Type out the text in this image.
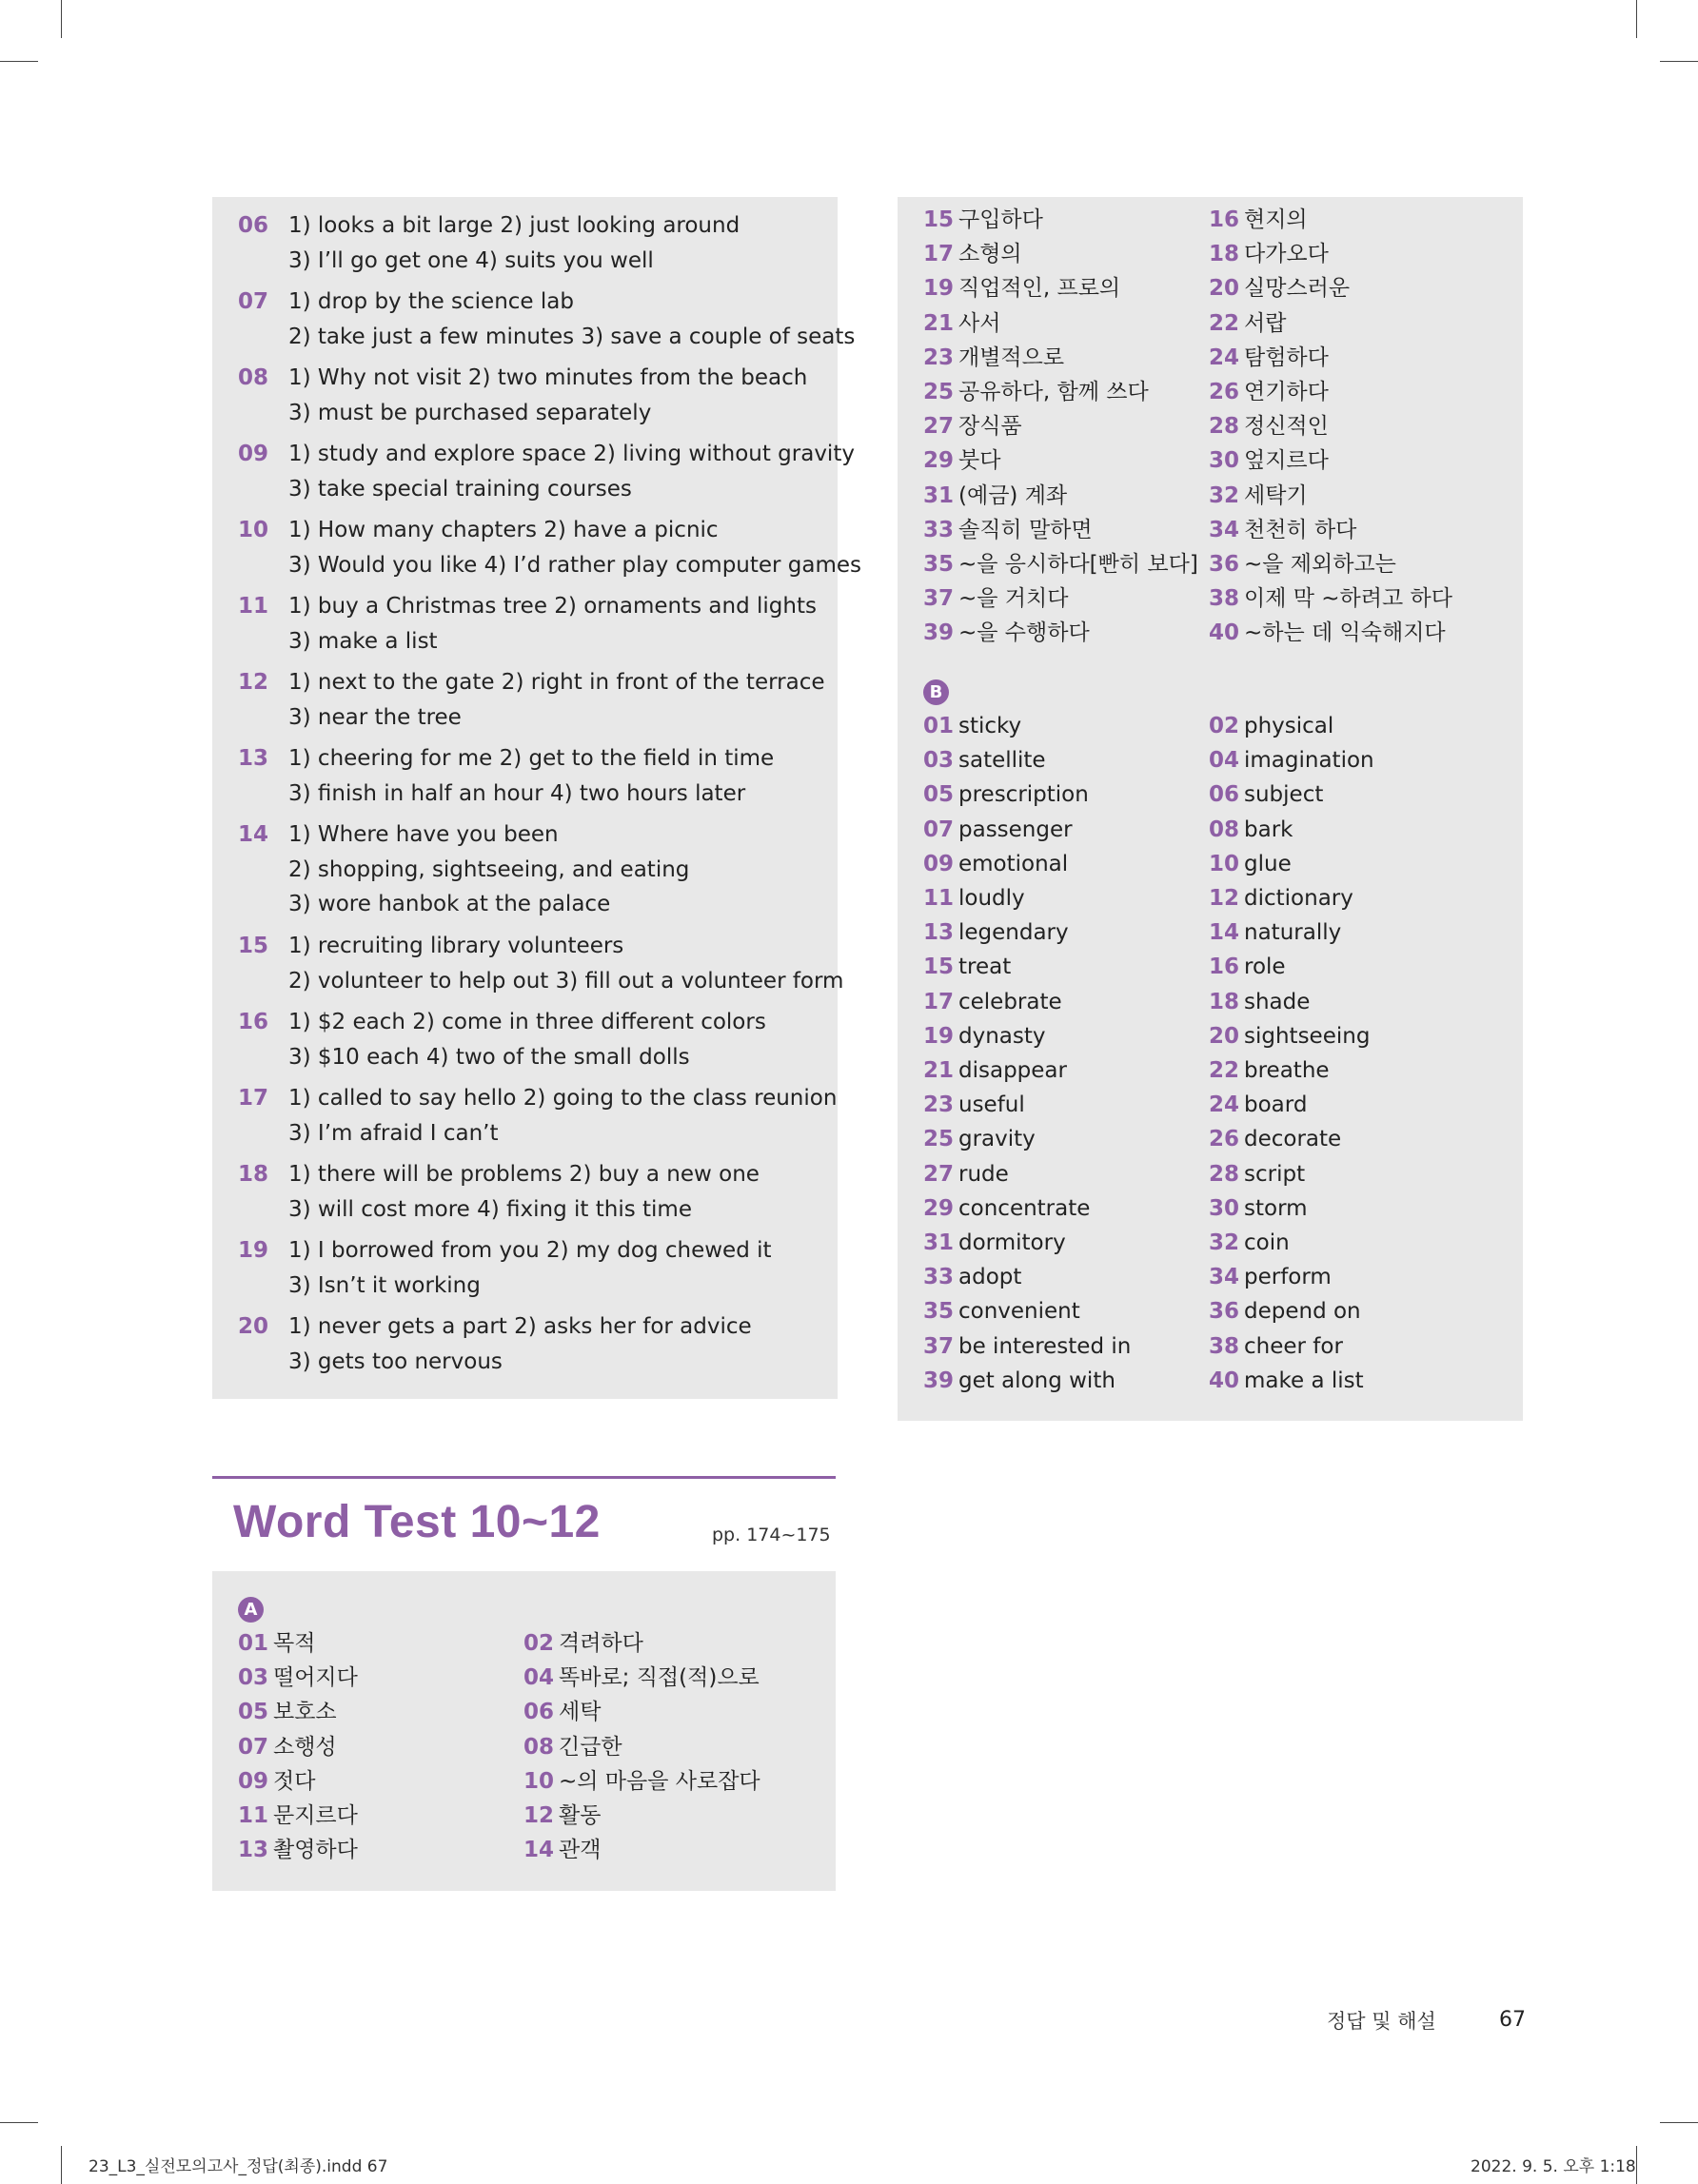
06 1) looks a bit large 2) just looking around
3) I’ll go get one 4) suits you well
07 1) drop by the science lab
2) take just a few minutes 3) save a couple of seats
08 1) Why not visit 2) two minutes from the beach
3) must be purchased separately
09 1) study and explore space 2) living without gravity
3) take special training courses
10 1) How many chapters 2) have a picnic
3) Would you like 4) I’d rather play computer games
11 1) buy a Christmas tree 2) ornaments and lights
3) make a list
12 1) next to the gate 2) right in front of the terrace
3) near the tree
13 1) cheering for me 2) get to the field in time
3) finish in half an hour 4) two hours later
14 1) Where have you been
2) shopping, sightseeing, and eating
3) wore hanbok at the palace
15 1) recruiting library volunteers
2) volunteer to help out 3) fill out a volunteer form
16 1) $2 each 2) come in three different colors
3) $10 each 4) two of the small dolls
17 1) called to say hello 2) going to the class reunion
3) I’m afraid I can’t
18 1) there will be problems 2) buy a new one
3) will cost more 4) fixing it this time
19 1) I borrowed from you 2) my dog chewed it
3) Isn’t it working
20 1) never gets a part 2) asks her for advice
3) gets too nervous
15 구입하다	16 현지의
17 소형의	18 다가오다
19 직업적인, 프로의	20 실망스러운
21 사서	22 서랍
23 개별적으로	24 탐험하다
25 공유하다, 함께 쓰다	26 연기하다
27 장식품	28 정신적인
29 붓다	30 엎지르다
31 (예금) 계좌	32 세탁기
33 솔직히 말하면	34 천천히 하다
35 ~을 응시하다[빤히 보다] 36 ~을 제외하고는
37 ~을 거치다	38 이제 막 ~하려고 하다
39 ~을 수행하다	40 ~하는 데 익숙해지다
B
01 sticky	02 physical
03 satellite	04 imagination
05 prescription	06 subject
07 passenger	08 bark
09 emotional	10 glue
11 loudly	12 dictionary
13 legendary	14 naturally
15 treat	16 role
17 celebrate	18 shade
19 dynasty	20 sightseeing
21 disappear	22 breathe
23 useful	24 board
25 gravity	26 decorate
27 rude	28 script
29 concentrate	30 storm
31 dormitory	32 coin
33 adopt	34 perform
35 convenient	36 depend on
37 be interested in	38 cheer for
39 get along with	40 make a list
Word Test 10~12	pp. 174~175
A
01 목적	02 격려하다
03 떨어지다	04 똑바로; 직접(적)으로
05 보호소	06 세탁
07 소행성	08 긴급한
09 젓다	10 ~의 마음을 사로잡다
11 문지르다	12 활동
13 촬영하다	14 관객
정답 및 해설	67
23_L3_실전모의고사_정답(최종).indd 67	2022. 9. 5. 오후 1:18
